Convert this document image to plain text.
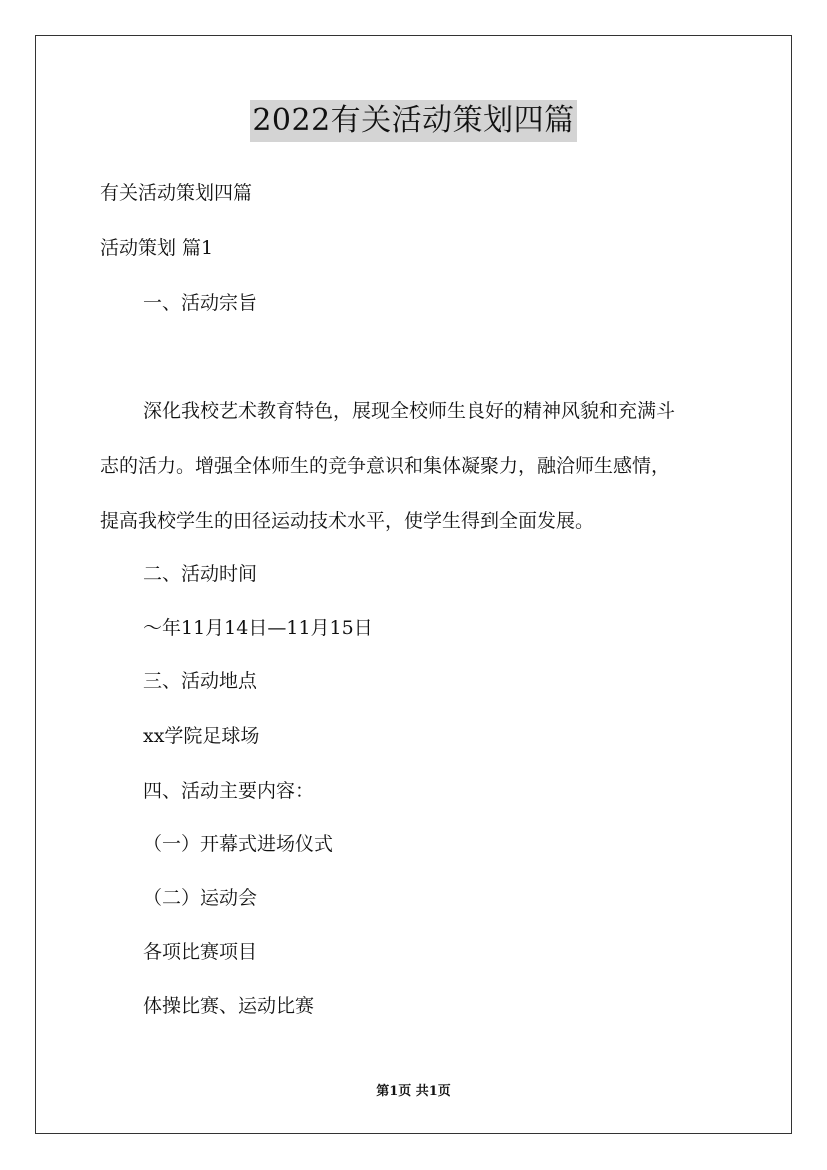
2022有关活动策划四篇
有关活动策划四篇
活动策划 篇1
一、活动宗旨
深化我校艺术教育特色，展现全校师生良好的精神风貌和充满斗
志的活力。增强全体师生的竞争意识和集体凝聚力，融洽师生感情，
提高我校学生的田径运动技术水平，使学生得到全面发展。
二、活动时间
～年11月14日—11月15日
三、活动地点
xx学院足球场
四、活动主要内容：
（一）开幕式进场仪式
（二）运动会
各项比赛项目
体操比赛、运动比赛
第1页 共1页
